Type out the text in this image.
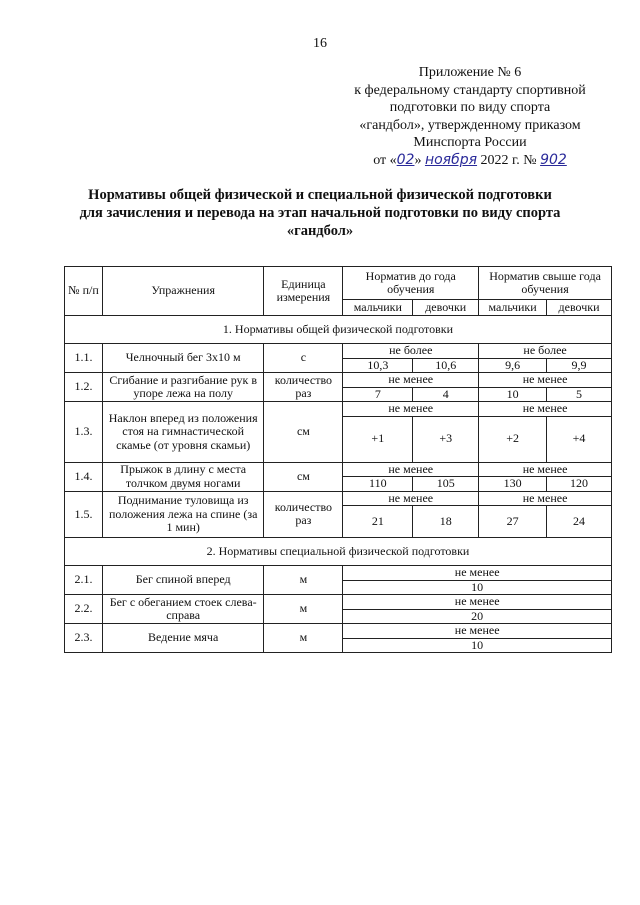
16
Приложение № 6
к федеральному стандарту спортивной
подготовки по виду спорта
«гандбол», утвержденному приказом
Минспорта России
от «02» ноября 2022 г. № 902
Нормативы общей физической и специальной физической подготовки
для зачисления и перевода на этап начальной подготовки по виду спорта
«гандбол»
№ п/п	Упражнения	Единица измерения	Норматив до года обучения		Норматив свыше года обучения	
			мальчики	девочки	мальчики	девочки
1. Нормативы общей физической подготовки						
1.1.	Челночный бег 3х10 м	с	не более		не более	
			10,3	10,6	9,6	9,9
1.2.	Сгибание и разгибание рук в упоре лежа на полу	количество раз	не менее		не менее	
			7	4	10	5
1.3.	Наклон вперед из положения стоя на гимнастической скамье (от уровня скамьи)	см	не менее		не менее	
			+1	+3	+2	+4
1.4.	Прыжок в длину с места толчком двумя ногами	см	не менее		не менее	
			110	105	130	120
1.5.	Поднимание туловища из положения лежа на спине (за 1 мин)	количество раз	не менее		не менее	
			21	18	27	24
2. Нормативы специальной физической подготовки						
2.1.	Бег спиной вперед	м	не менее			
			10			
2.2.	Бег с обеганием стоек слева-справа	м	не менее			
			20			
2.3.	Ведение мяча	м	не менее			
			10			
